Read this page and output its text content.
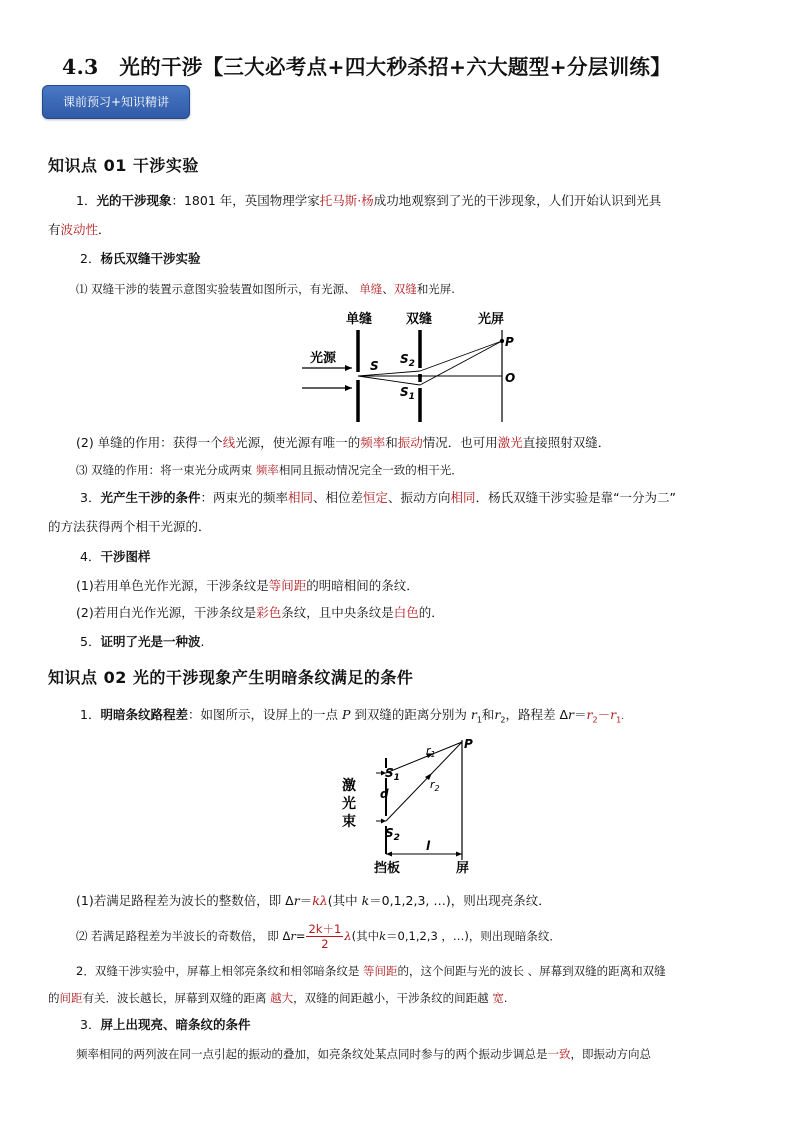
4.3　光的干涉【三大必考点+四大秒杀招+六大题型+分层训练】
课前预习+知识精讲
知识点 01 干涉实验
1．光的干涉现象：1801 年，英国物理学家托马斯·杨成功地观察到了光的干涉现象，人们开始认识到光具
有波动性．
2．杨氏双缝干涉实验
⑴ 双缝干涉的装置示意图实验装置如图所示，有光源、 单缝、双缝和光屏.
单缝	双缝	光屏
光源	S $S_2$
$S_1$
P
O
(2) 单缝的作用：获得一个线光源，使光源有唯一的频率和振动情况．也可用激光直接照射双缝．
⑶ 双缝的作用：将一束光分成两束 频率相同且振动情况完全一致的相干光．
3．光产生干涉的条件：两束光的频率相同、相位差恒定、振动方向相同．杨氏双缝干涉实验是靠“一分为二”
的方法获得两个相干光源的．
4．干涉图样
(1)若用单色光作光源，干涉条纹是等间距的明暗相间的条纹．
(2)若用白光作光源，干涉条纹是彩色条纹，且中央条纹是白色的．
5．证明了光是一种波.
知识点 02 光的干涉现象产生明暗条纹满足的条件
1．明暗条纹路程差：如图所示，设屏上的一点 P 到双缝的距离分别为 $r_1$和$r_2$，路程差 $\Delta r=r_2-r_1$.
激
光
束
$S_1$
$S_2$
d
$r_1$
$r_2$
P
l
挡板	屏
(1)若满足路程差为波长的整数倍，即 Δr＝kλ(其中 k＝0,1,2,3, …)，则出现亮条纹．
⑵ 若满足路程差为半波长的奇数倍， 即 Δ $r = \frac{2k+1}{2}$ λ (其中 k ＝0,1,2,3 ，…)，则出现暗条纹．
2．双缝干涉实验中，屏幕上相邻亮条纹和相邻暗条纹是 等间距的，这个间距与光的波长 、屏幕到双缝的距离和双缝
的间距有关．波长越长，屏幕到双缝的距离 越大，双缝的间距越小，干涉条纹的间距越 宽.
3．屏上出现亮、暗条纹的条件
频率相同的两列波在同一点引起的振动的叠加，如亮条纹处某点同时参与的两个振动步调总是一致，即振动方向总
